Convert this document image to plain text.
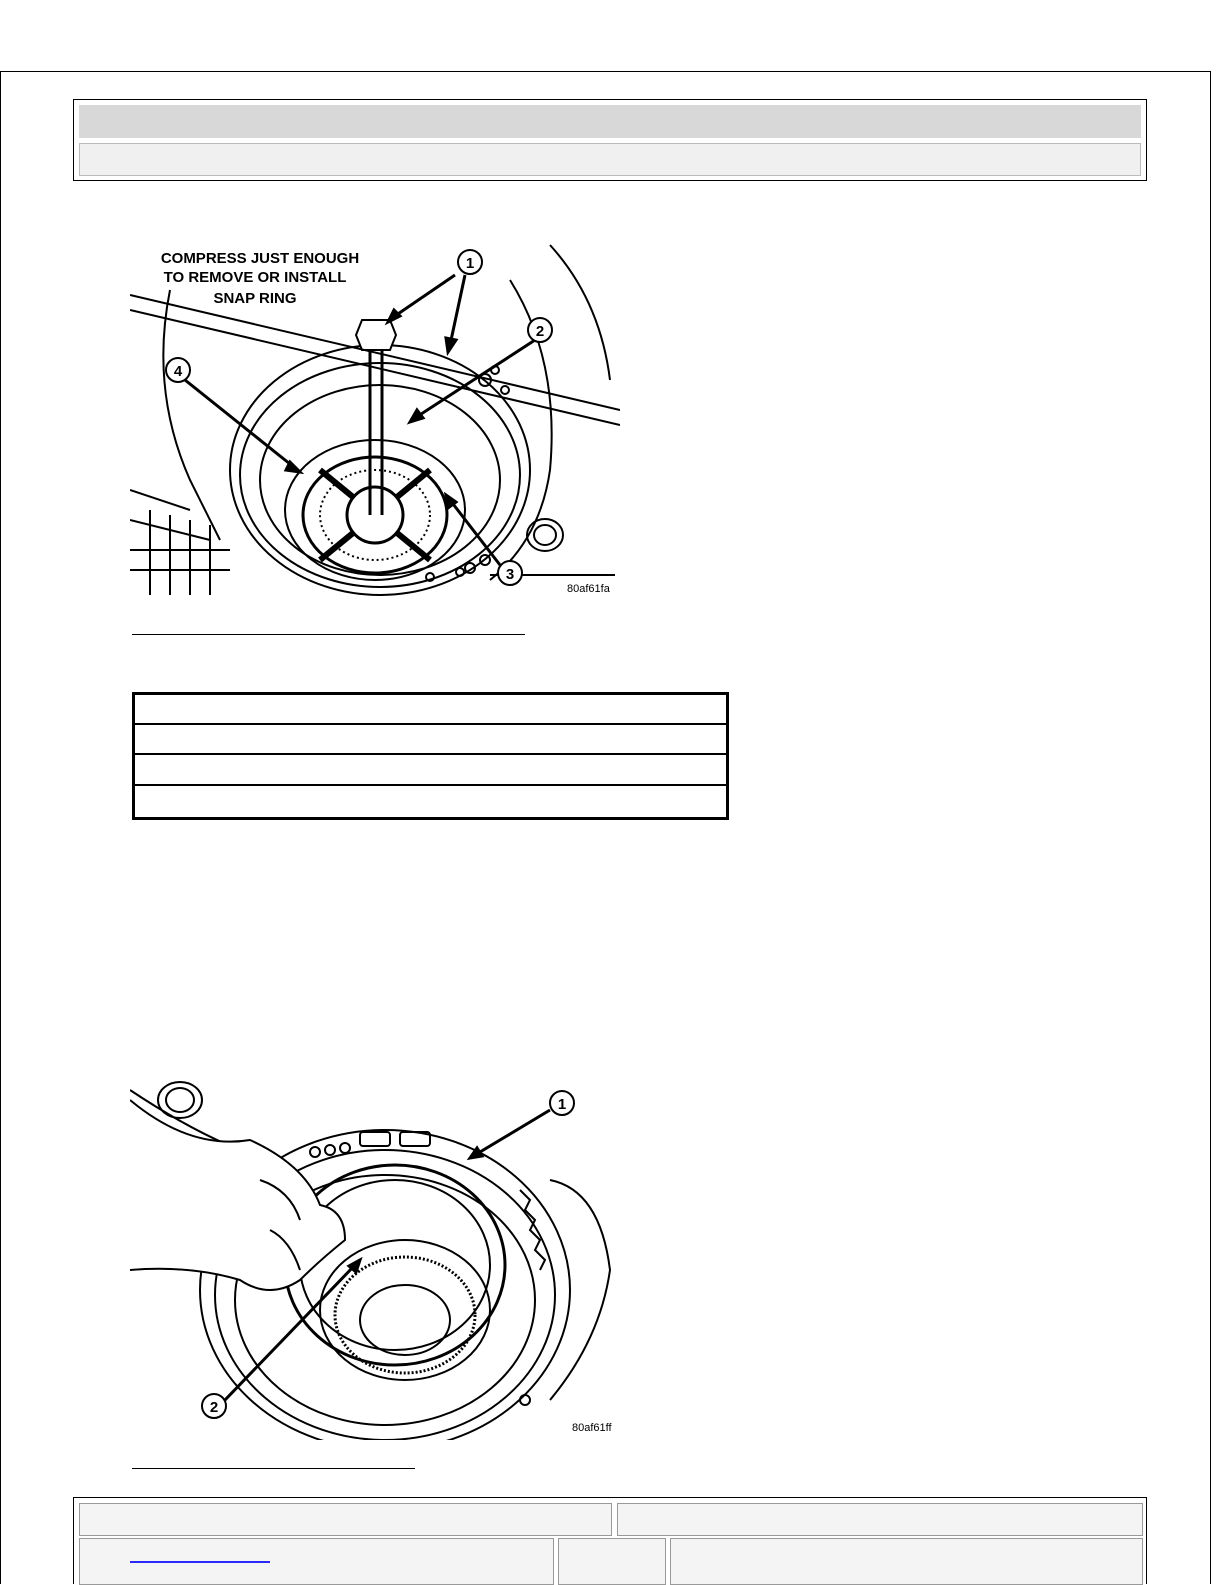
1
2
3
4
COMPRESS JUST ENOUGH
TO REMOVE OR INSTALL
SNAP RING
80af61fa
1
2
80af61ff
